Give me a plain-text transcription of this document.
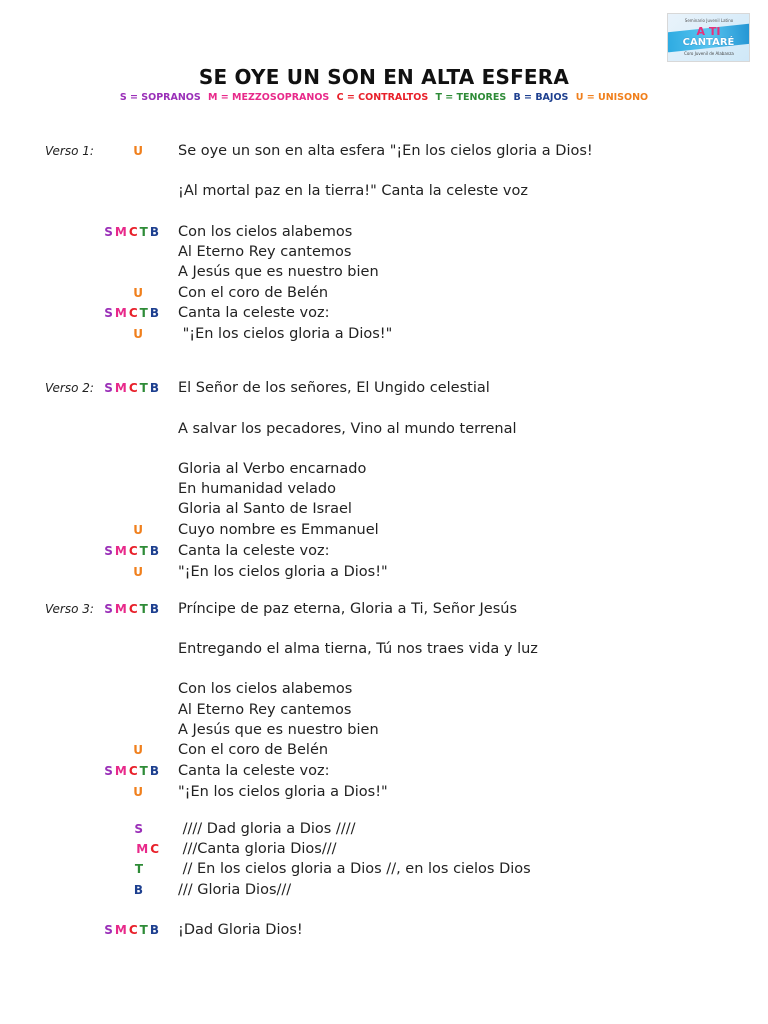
Seminario Juvenil Latino
A TI
CANTARÉ
Coro Juvenil de Alabanza
SE OYE UN SON EN ALTA ESFERA
S = SOPRANOS M = MEZZOSOPRANOS C = CONTRALTOS T = TENORES B = BAJOS U = UNISONO
Verso 1:	U Se oye un son en alta esfera "¡En los cielos gloria a Dios!
¡Al mortal paz en la tierra!" Canta la celeste voz
S M C T B Con los cielos alabemos
Al Eterno Rey cantemos
A Jesús que es nuestro bien
U Con el coro de Belén
S M C T B Canta la celeste voz:
U "¡En los cielos gloria a Dios!"
Verso 2: S M C T B El Señor de los señores, El Ungido celestial
A salvar los pecadores, Vino al mundo terrenal
Gloria al Verbo encarnado
En humanidad velado
Gloria al Santo de Israel
U Cuyo nombre es Emmanuel
S M C T B Canta la celeste voz:
U "¡En los cielos gloria a Dios!"
Verso 3: S M C T B Príncipe de paz eterna, Gloria a Ti, Señor Jesús
Entregando el alma tierna, Tú nos traes vida y luz
Con los cielos alabemos
Al Eterno Rey cantemos
A Jesús que es nuestro bien
U Con el coro de Belén
S M C T B Canta la celeste voz:
U "¡En los cielos gloria a Dios!"
S //// Dad gloria a Dios ////
M C ///Canta gloria Dios///
T // En los cielos gloria a Dios //, en los cielos Dios
B /// Gloria Dios///
S M C T B ¡Dad Gloria Dios!
